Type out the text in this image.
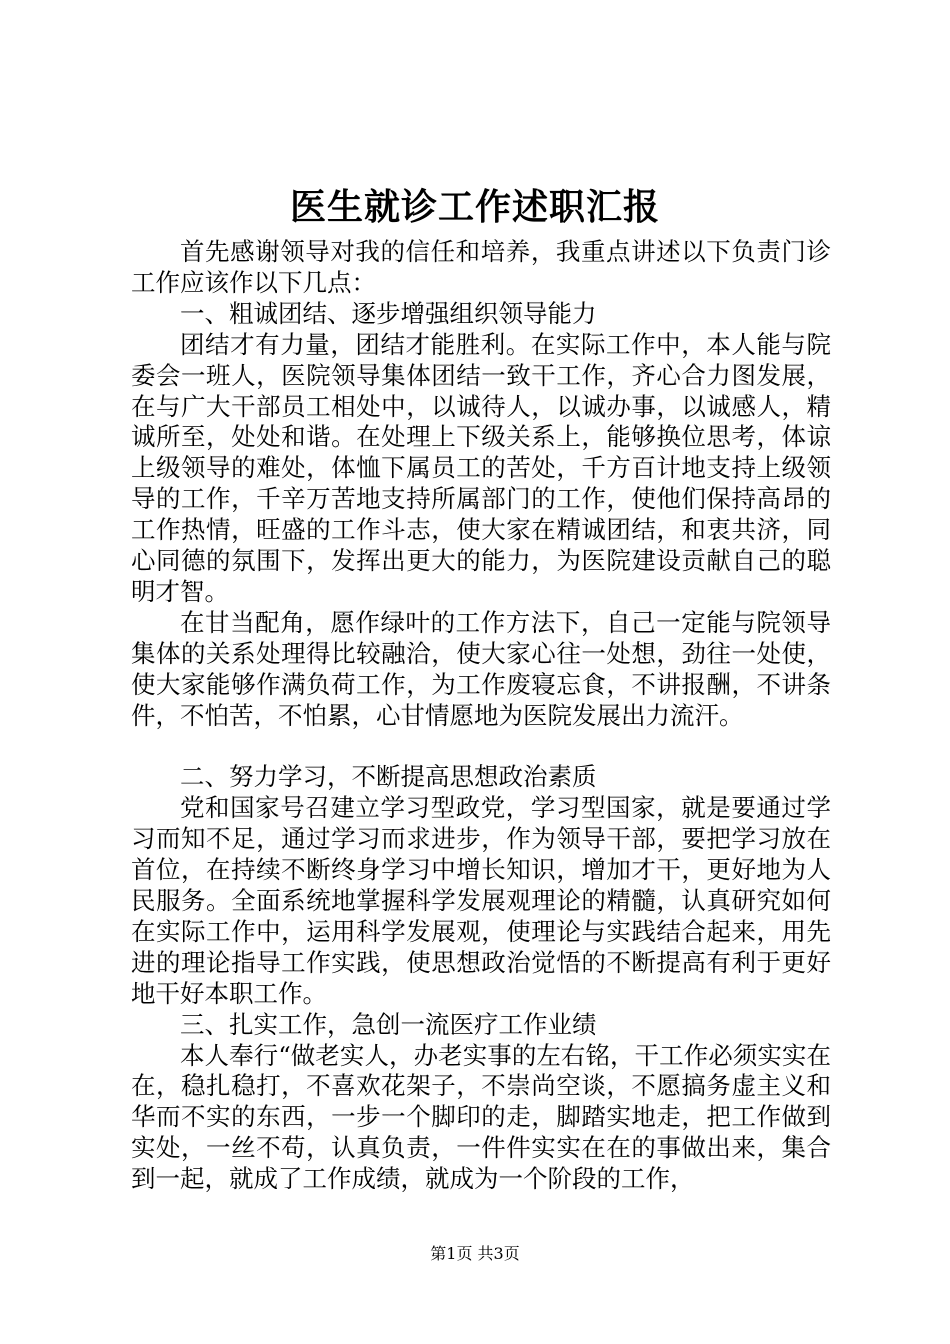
医生就诊工作述职汇报

首先感谢领导对我的信任和培养，我重点讲述以下负责门诊工作应该作以下几点：

一、粗诚团结、逐步增强组织领导能力

团结才有力量，团结才能胜利。在实际工作中，本人能与院委会一班人，医院领导集体团结一致干工作，齐心合力图发展，在与广大干部员工相处中，以诚待人，以诚办事，以诚感人，精诚所至，处处和谐。在处理上下级关系上，能够换位思考，体谅上级领导的难处，体恤下属员工的苦处，千方百计地支持上级领导的工作，千辛万苦地支持所属部门的工作，使他们保持高昂的工作热情，旺盛的工作斗志，使大家在精诚团结，和衷共济，同心同德的氛围下，发挥出更大的能力，为医院建设贡献自己的聪明才智。

在甘当配角，愿作绿叶的工作方法下，自己一定能与院领导集体的关系处理得比较融洽，使大家心往一处想，劲往一处使，使大家能够作满负荷工作，为工作废寝忘食，不讲报酬，不讲条件，不怕苦，不怕累，心甘情愿地为医院发展出力流汗。

二、努力学习，不断提高思想政治素质

党和国家号召建立学习型政党，学习型国家，就是要通过学习而知不足，通过学习而求进步，作为领导干部，要把学习放在首位，在持续不断终身学习中增长知识，增加才干，更好地为人民服务。全面系统地掌握科学发展观理论的精髓，认真研究如何在实际工作中，运用科学发展观，使理论与实践结合起来，用先进的理论指导工作实践，使思想政治觉悟的不断提高有利于更好地干好本职工作。

三、扎实工作，急创一流医疗工作业绩

本人奉行“做老实人，办老实事的左右铭，干工作必须实实在在，稳扎稳打，不喜欢花架子，不崇尚空谈，不愿搞务虚主义和华而不实的东西，一步一个脚印的走，脚踏实地走，把工作做到实处，一丝不苟，认真负责，一件件实实在在的事做出来，集合到一起，就成了工作成绩，就成为一个阶段的工作，

第1页 共3页
